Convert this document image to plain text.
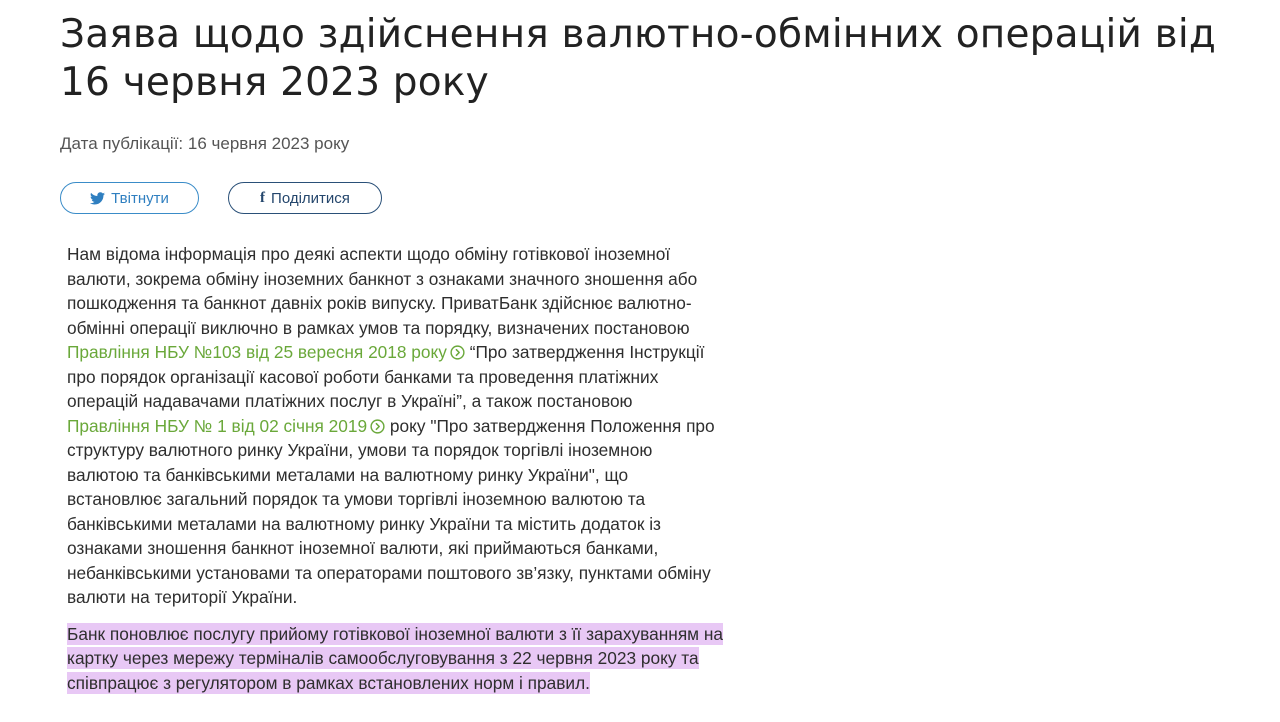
Заява щодо здійснення валютно-обмінних операцій від 16 червня 2023 року
Дата публікації: 16 червня 2023 року
Твітнути	f Поділитися

Нам відома інформація про деякі аспекти щодо обміну готівкової іноземної
валюти, зокрема обміну іноземних банкнот з ознаками значного зношення або
пошкодження та банкнот давніх років випуску. ПриватБанк здійснює валютно-
обмінні операції виключно в рамках умов та порядку, визначених постановою
Правління НБУ №103 від 25 вересня 2018 року “Про затвердження Інструкції
про порядок організації касової роботи банками та проведення платіжних
операцій надавачами платіжних послуг в Україні”, а також постановою
Правління НБУ № 1 від 02 січня 2019 року "Про затвердження Положення про
структуру валютного ринку України, умови та порядок торгівлі іноземною
валютою та банківськими металами на валютному ринку України", що
встановлює загальний порядок та умови торгівлі іноземною валютою та
банківськими металами на валютному ринку України та містить додаток із
ознаками зношення банкнот іноземної валюти, які приймаються банками,
небанківськими установами та операторами поштового зв’язку, пунктами обміну
валюти на території України.

Банк поновлює послугу прийому готівкової іноземної валюти з її зарахуванням на
картку через мережу терміналів самообслуговування з 22 червня 2023 року та
співпрацює з регулятором в рамках встановлених норм і правил.
